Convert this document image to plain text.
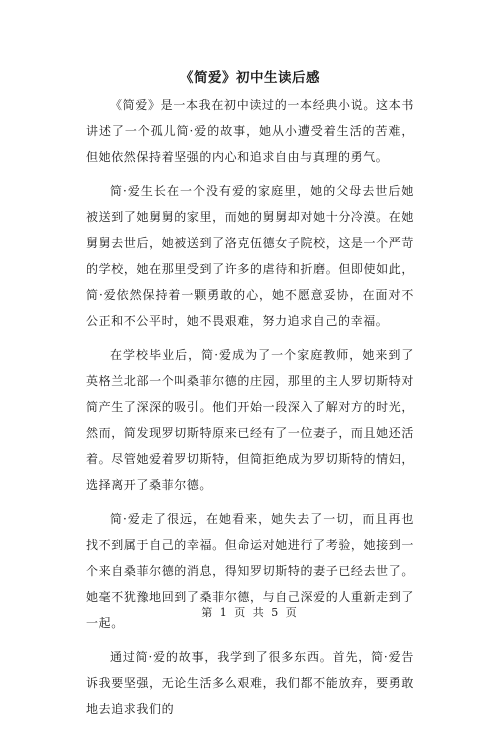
《简爱》初中生读后感

《简爱》是一本我在初中读过的一本经典小说。这本书讲述了一个孤儿简·爱的故事，她从小遭受着生活的苦难，但她依然保持着坚强的内心和追求自由与真理的勇气。

简·爱生长在一个没有爱的家庭里，她的父母去世后她被送到了她舅舅的家里，而她的舅舅却对她十分冷漠。在她舅舅去世后，她被送到了洛克伍德女子院校，这是一个严苛的学校，她在那里受到了许多的虐待和折磨。但即使如此，简·爱依然保持着一颗勇敢的心，她不愿意妥协，在面对不公正和不公平时，她不畏艰难，努力追求自己的幸福。

在学校毕业后，简·爱成为了一个家庭教师，她来到了英格兰北部一个叫桑菲尔德的庄园，那里的主人罗切斯特对简产生了深深的吸引。他们开始一段深入了解对方的时光，然而，简发现罗切斯特原来已经有了一位妻子，而且她还活着。尽管她爱着罗切斯特，但简拒绝成为罗切斯特的情妇，选择离开了桑菲尔德。

简·爱走了很远，在她看来，她失去了一切，而且再也找不到属于自己的幸福。但命运对她进行了考验，她接到一个来自桑菲尔德的消息，得知罗切斯特的妻子已经去世了。她毫不犹豫地回到了桑菲尔德，与自己深爱的人重新走到了一起。

通过简·爱的故事，我学到了很多东西。首先，简·爱告诉我要坚强，无论生活多么艰难，我们都不能放弃，要勇敢地去追求我们的

第 1 页 共 5 页
